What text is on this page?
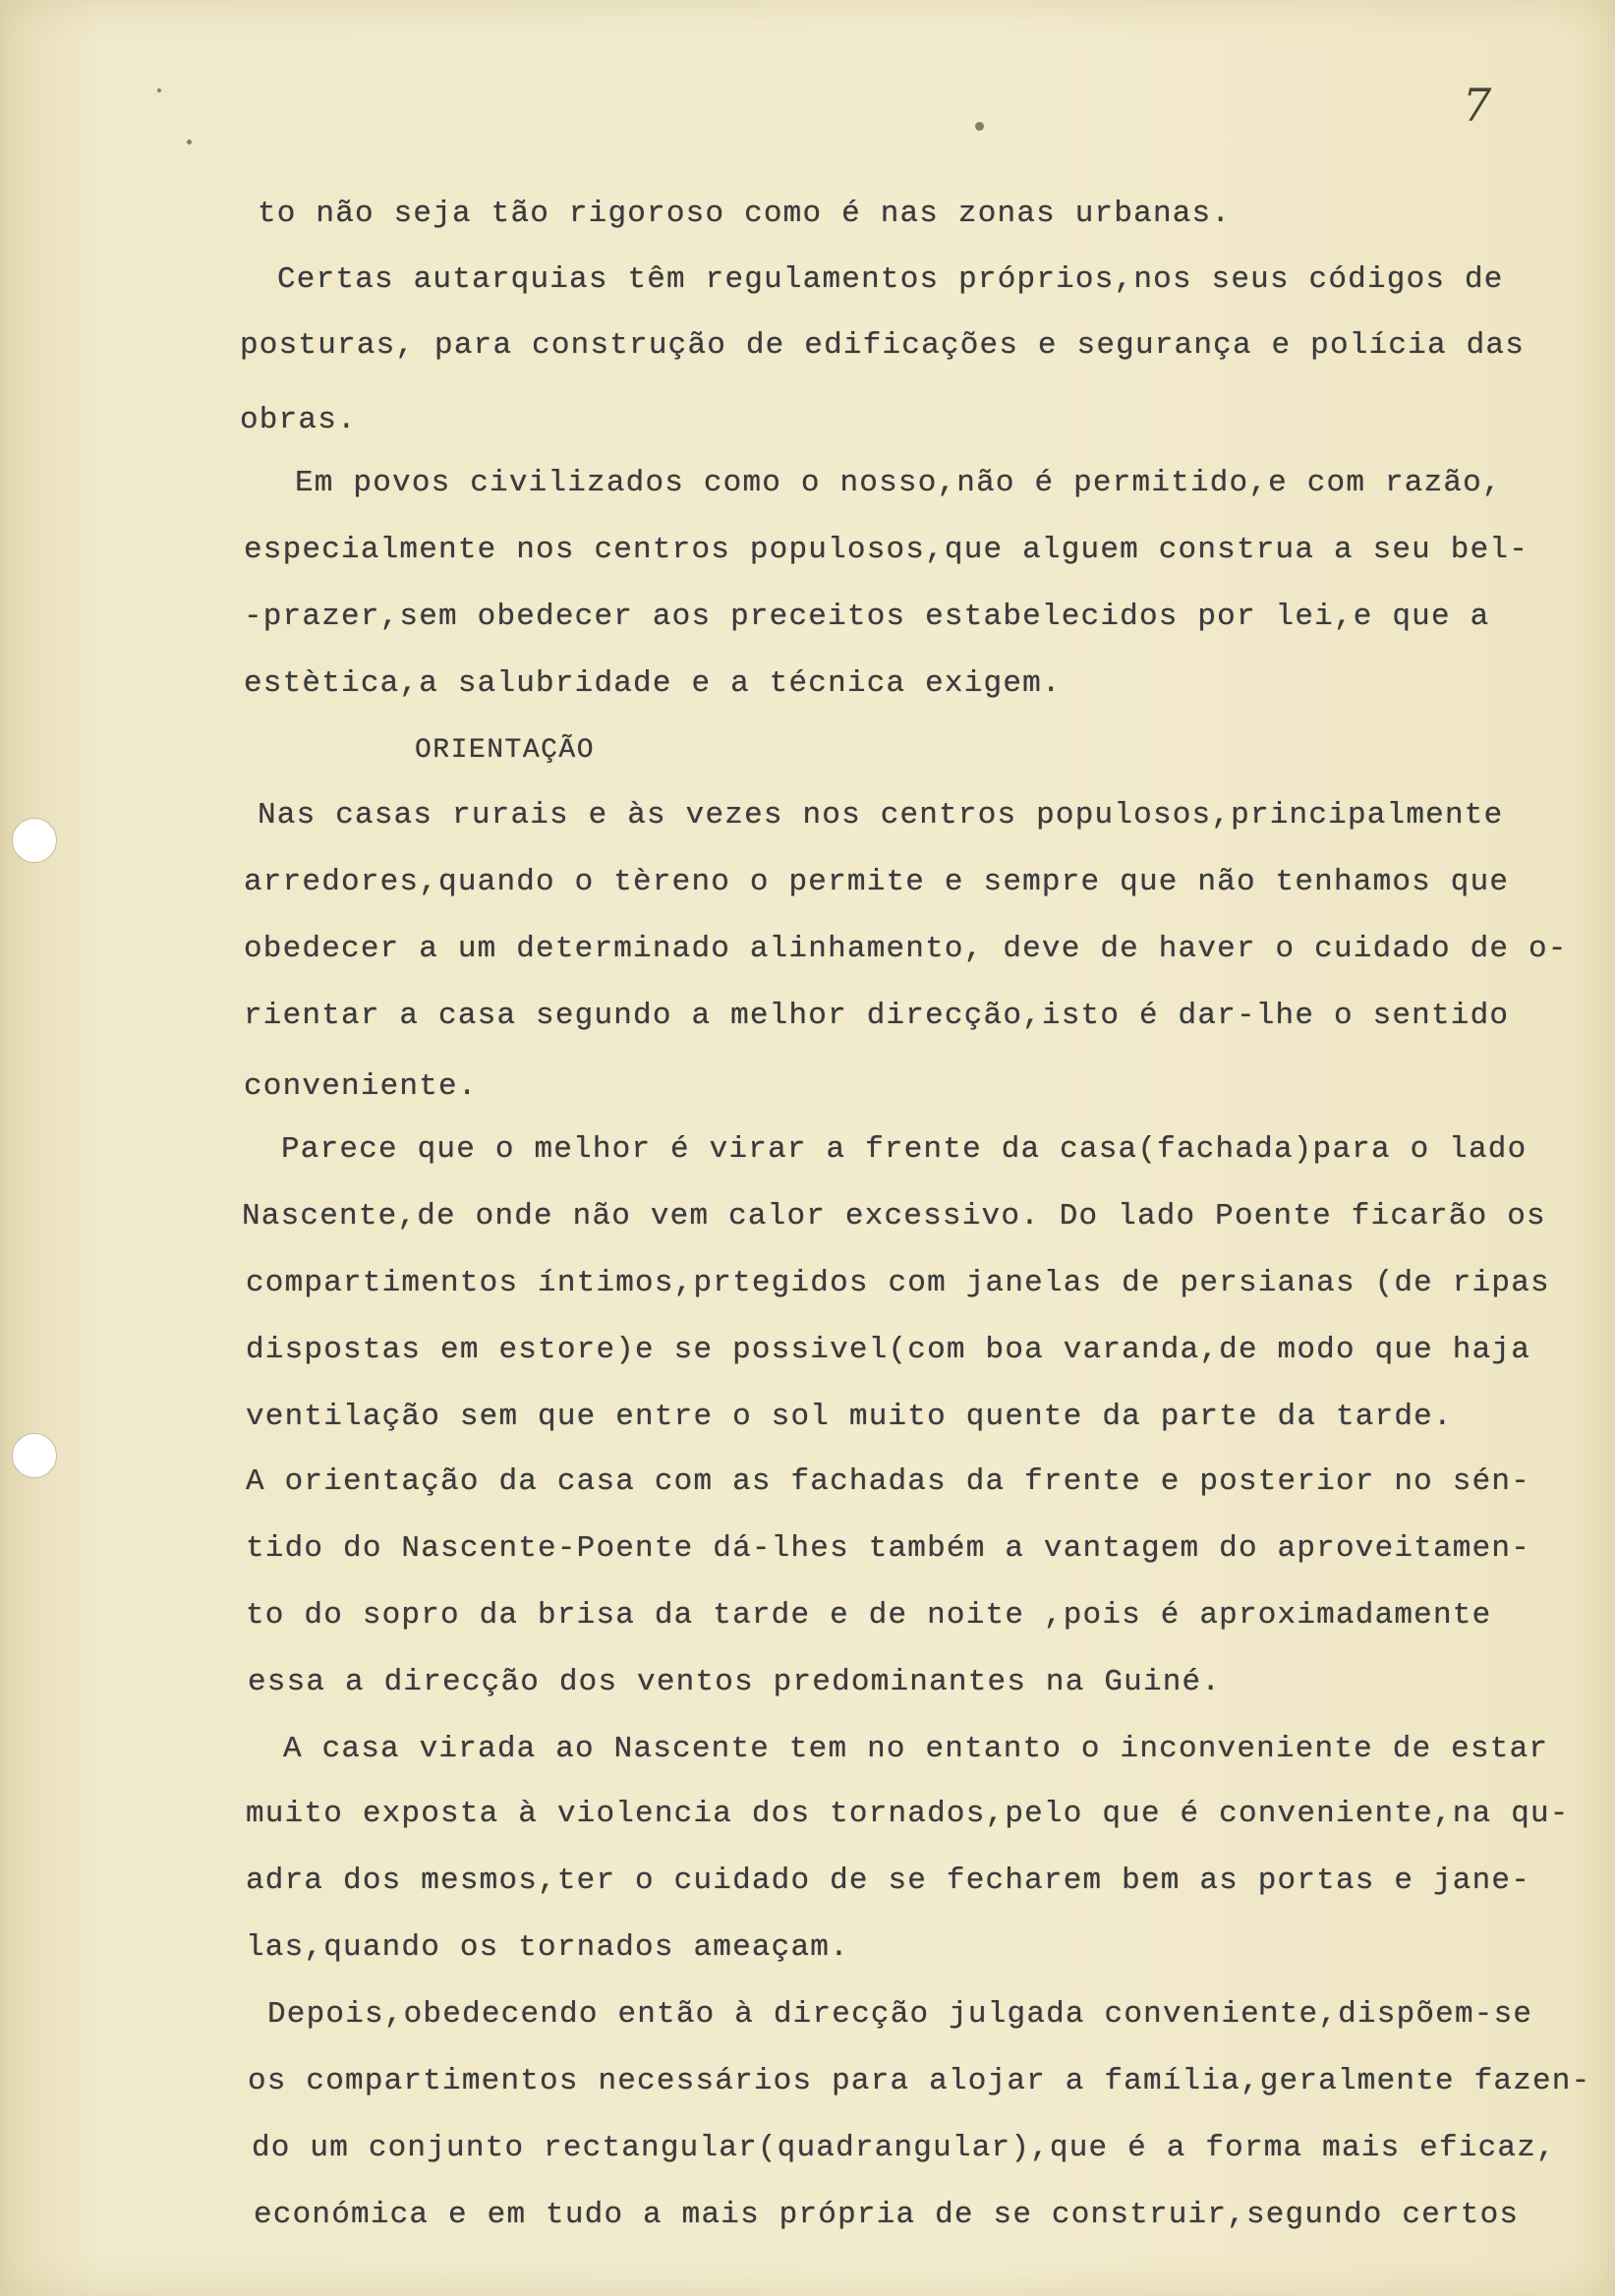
7
to não seja tão rigoroso como é nas zonas urbanas.
Certas autarquias têm regulamentos próprios,nos seus códigos de
posturas, para construção de edificações e segurança e polícia das
obras.
Em povos civilizados como o nosso,não é permitido,e com razão,
especialmente nos centros populosos,que alguem construa a seu bel-
-prazer,sem obedecer aos preceitos estabelecidos por lei,e que a
estètica,a salubridade e a técnica exigem.
ORIENTAÇÃO
Nas casas rurais e às vezes nos centros populosos,principalmente
arredores,quando o tèreno o permite e sempre que não tenhamos que
obedecer a um determinado alinhamento, deve de haver o cuidado de o-
rientar a casa segundo a melhor direcção,isto é dar-lhe o sentido
conveniente.
Parece que o melhor é virar a frente da casa(fachada)para o lado
Nascente,de onde não vem calor excessivo. Do lado Poente ficarão os
compartimentos íntimos,prtegidos com janelas de persianas (de ripas
dispostas em estore)e se possivel(com boa varanda,de modo que haja
ventilação sem que entre o sol muito quente da parte da tarde.
A orientação da casa com as fachadas da frente e posterior no sén-
tido do Nascente-Poente dá-lhes também a vantagem do aproveitamen-
to do sopro da brisa da tarde e de noite ,pois é aproximadamente
essa a direcção dos ventos predominantes na Guiné.
A casa virada ao Nascente tem no entanto o inconveniente de estar
muito exposta à violencia dos tornados,pelo que é conveniente,na qu-
adra dos mesmos,ter o cuidado de se fecharem bem as portas e jane-
las,quando os tornados ameaçam.
Depois,obedecendo então à direcção julgada conveniente,dispõem-se
os compartimentos necessários para alojar a família,geralmente fazen-
do um conjunto rectangular(quadrangular),que é a forma mais eficaz,
económica e em tudo a mais própria de se construir,segundo certos
